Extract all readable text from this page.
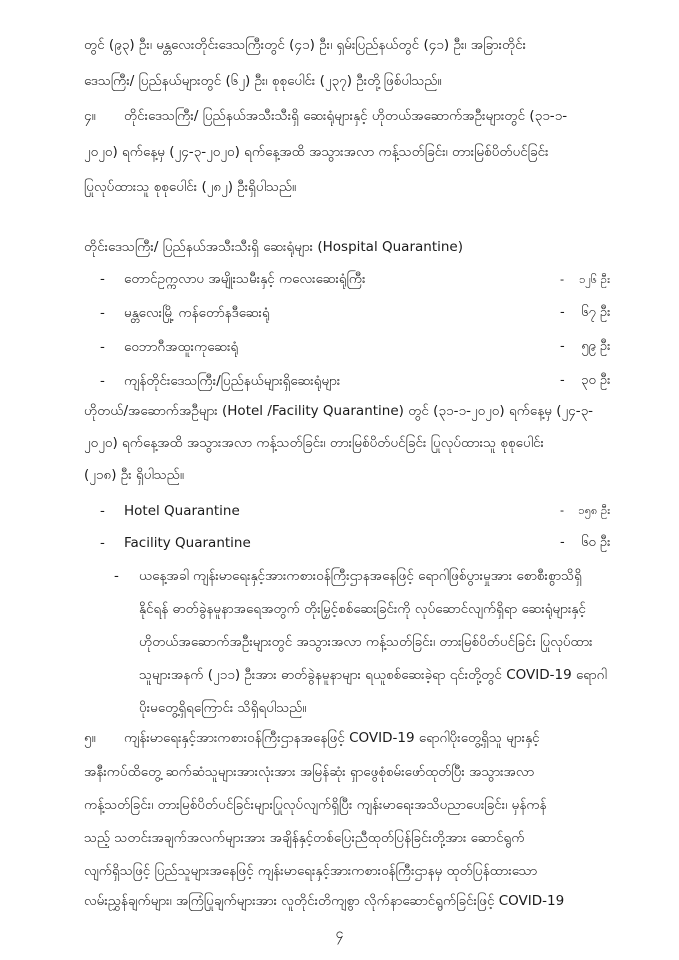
တွင် (၉၃) ဦး၊ မန္တလေးတိုင်းဒေသကြီးတွင် (၄၁) ဦး၊ ရှမ်းပြည်နယ်တွင် (၄၁) ဦး၊ အခြားတိုင်း
ဒေသကြီး/ ပြည်နယ်များတွင် (၆၂) ဦး၊ စုစုပေါင်း (၂၃၇) ဦးတို့ဖြစ်ပါသည်။
၄။ တိုင်းဒေသကြီး/ ပြည်နယ်အသီးသီးရှိ ဆေးရုံများနှင့် ဟိုတယ်အဆောက်အဦးများတွင် (၃၁-၁-
၂၀၂၀) ရက်နေ့မှ (၂၄-၃-၂၀၂၀) ရက်နေ့အထိ အသွားအလာ ကန့်သတ်ခြင်း၊ တားမြစ်ပိတ်ပင်ခြင်း
ပြုလုပ်ထားသူ စုစုပေါင်း (၂၈၂) ဦးရှိပါသည်။
တိုင်းဒေသကြီး/ ပြည်နယ်အသီးသီးရှိ ဆေးရုံများ (Hospital Quarantine)
- တောင်ဥက္ကလာပ အမျိုးသမီးနှင့် ကလေးဆေးရုံကြီး	- ၁၂၆ ဦး
- မန္တလေးမြို့ ကန်တော်နဒီဆေးရုံ	- ၆၇ ဦး
- ဝေဘာဂီအထူးကုဆေးရုံ	- ၅၉ ဦး
- ကျန်တိုင်းဒေသကြီး/ပြည်နယ်များရှိဆေးရုံများ	- ၃၀ ဦး
ဟိုတယ်/အဆောက်အဦများ (Hotel /Facility Quarantine) တွင် (၃၁-၁-၂၀၂၀) ရက်နေ့မှ (၂၄-၃-
၂၀၂၀) ရက်နေ့အထိ အသွားအလာ ကန့်သတ်ခြင်း၊ တားမြစ်ပိတ်ပင်ခြင်း ပြုလုပ်ထားသူ စုစုပေါင်း
(၂၁၈) ဦး ရှိပါသည်။
- Hotel Quarantine	- ၁၅၈ ဦး
- Facility Quarantine	- ၆၀ ဦး
- ယနေ့အခါ ကျန်းမာရေးနှင့်အားကစားဝန်ကြီးဌာနအနေဖြင့် ရောဂါဖြစ်ပွားမှုအား စောစီးစွာသိရှိ
နိုင်ရန် ဓာတ်ခွဲနမူနာအရေအတွက် တိုးမြှင့်စစ်ဆေးခြင်းကို လုပ်ဆောင်လျက်ရှိရာ ဆေးရုံများနှင့်
ဟိုတယ်အဆောက်အဦးများတွင် အသွားအလာ ကန့်သတ်ခြင်း၊ တားမြစ်ပိတ်ပင်ခြင်း ပြုလုပ်ထား
သူများအနက် (၂၁၁) ဦးအား ဓာတ်ခွဲနမူနာများ ရယူစစ်ဆေးခဲ့ရာ ၎င်းတို့တွင် COVID-19 ရောဂါ
ပိုးမတွေ့ရှိရကြောင်း သိရှိရပါသည်။
၅။ ကျန်းမာရေးနှင့်အားကစားဝန်ကြီးဌာနအနေဖြင့် COVID-19 ရောဂါပိုးတွေ့ရှိသူ များနှင့်
အနီးကပ်ထိတွေ့ ဆက်ဆံသူများအားလုံးအား အမြန်ဆုံး ရှာဖွေစုံစမ်းဖော်ထုတ်ပြီး အသွားအလာ
ကန့်သတ်ခြင်း၊ တားမြစ်ပိတ်ပင်ခြင်းများပြုလုပ်လျက်ရှိပြီး ကျန်းမာရေးအသိပညာပေးခြင်း၊ မှန်ကန်
သည့် သတင်းအချက်အလက်များအား အချိန်နှင့်တစ်ပြေးညီထုတ်ပြန်ခြင်းတို့အား ဆောင်ရွက်
လျက်ရှိသဖြင့် ပြည်သူများအနေဖြင့် ကျန်းမာရေးနှင့်အားကစားဝန်ကြီးဌာနမှ ထုတ်ပြန်ထားသော
လမ်းညွှန်ချက်များ၊ အကြံပြုချက်များအား လူတိုင်းတိကျစွာ လိုက်နာဆောင်ရွက်ခြင်းဖြင့် COVID-19
၄
